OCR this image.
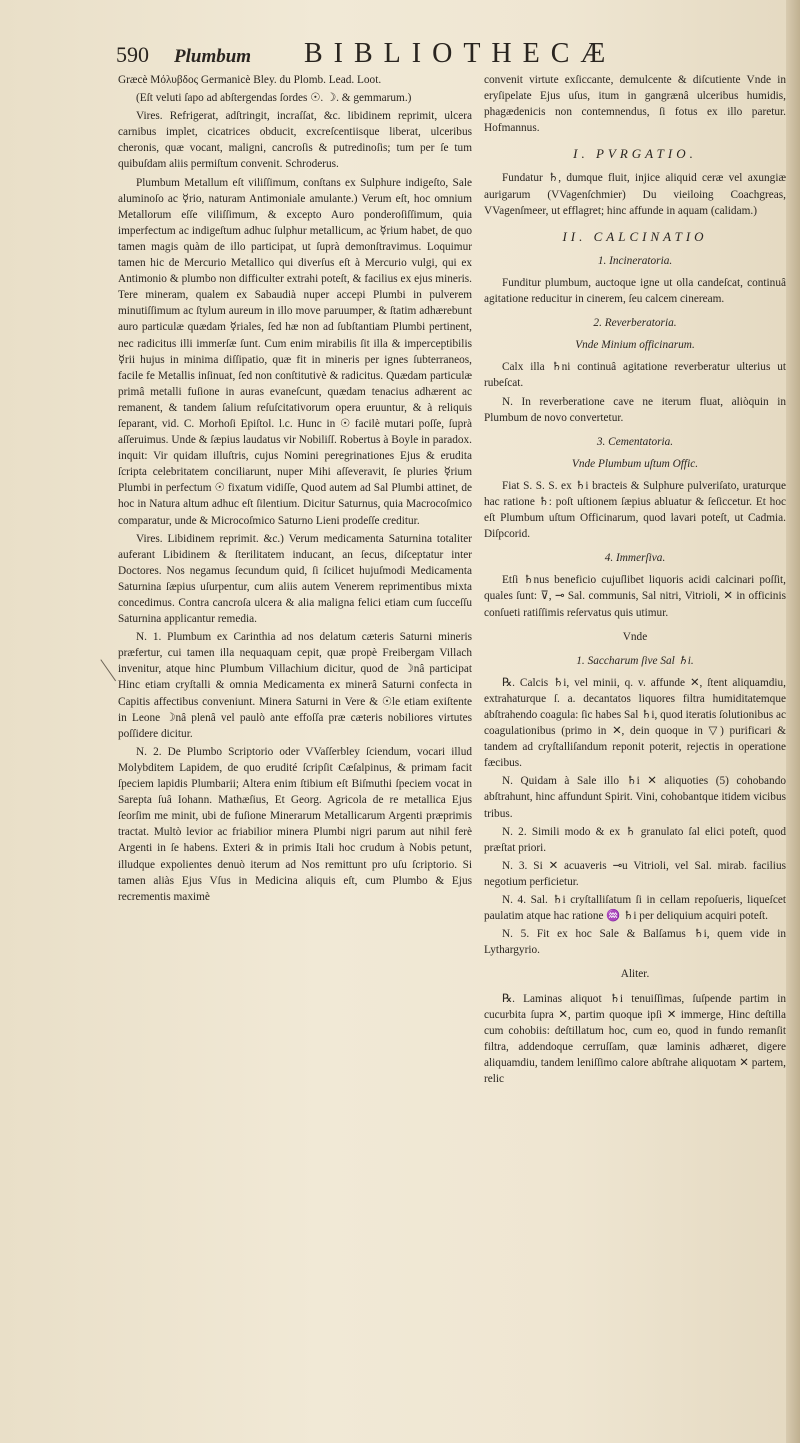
590	Plumbum	BIBLIOTHECÆ

Græcè Μόλυβδος Germanicè Bley. du Plomb. Lead. Loot.

(Eſt veluti ſapo ad abſtergendas ſordes ☉. ☽. & gemmarum.)

Vires. Refrigerat, adſtringit, incraſſat, &c. libidinem reprimit, ulcera carnibus implet, cicatrices obducit, excreſcentiisque liberat, ulceribus cheronis, quæ vocant, maligni, cancroſis & putredinoſis; tum per ſe tum quibuſdam aliis permiſtum convenit. Schroderus.

Plumbum Metallum eſt viliſſimum, conſtans ex Sulphure indigeſto, Sale aluminoſo ac ☿rio, naturam Antimoniale amulante.) Verum eſt, hoc omnium Metallorum eſſe viliſſimum, & excepto Auro ponderoſiſſimum, quia imperfectum ac indigeſtum adhuc ſulphur metallicum, ac ☿rium habet, de quo tamen magis quàm de illo participat, ut ſuprà demonſtravimus. Loquimur tamen hic de Mercurio Metallico qui diverſus eſt à Mercurio vulgi, qui ex Antimonio & plumbo non difficulter extrahi poteſt, & facilius ex ejus mineris. Tere mineram, qualem ex Sabaudià nuper accepi Plumbi in pulverem minutiſſimum ac ſtylum aureum in illo move paruumper, & ſtatim adhærebunt auro particulæ quædam ☿riales, ſed hæ non ad ſubſtantiam Plumbi pertinent, nec radicitus illi immerſæ ſunt. Cum enim mirabilis ſit illa & imperceptibilis ☿rii hujus in minima diſſipatio, quæ fit in mineris per ignes ſubterraneos, facile fe Metallis inſinuat, ſed non conſtitutivè & radicitus. Quædam particulæ primâ metalli fuſione in auras evaneſcunt, quædam tenacius adhærent ac remanent, & tandem ſalium reſuſcitativorum opera eruuntur, & à reliquis ſeparant, vid. C. Morhoſi Epiſtol. l.c. Hunc in ☉ facilè mutari poſſe, ſuprà aſſeruimus. Unde & ſæpius laudatus vir Nobiliſſ. Robertus à Boyle in paradox. inquit: Vir quidam illuſtris, cujus Nomini peregrinationes Ejus & erudita ſcripta celebritatem conciliarunt, nuper Mihi aſſeveravit, ſe pluries ☿rium Plumbi in perfectum ☉ fixatum vidiſſe, Quod autem ad Sal Plumbi attinet, de hoc in Natura altum adhuc eſt ſilentium. Dicitur Saturnus, quia Macrocoſmico comparatur, unde & Microcoſmico Saturno Lieni prodeſſe creditur.

Vires. Libidinem reprimit. &c.) Verum medicamenta Saturnina totaliter auferant Libidinem & ſterilitatem inducant, an ſecus, diſceptatur inter Doctores. Nos negamus ſecundum quid, ſi ſcilicet hujuſmodi Medicamenta Saturnina ſæpius uſurpentur, cum aliis autem Venerem reprimentibus mixta concedimus. Contra cancroſa ulcera & alia maligna felici etiam cum ſucceſſu Saturnina applicantur remedia.

N. 1. Plumbum ex Carinthia ad nos delatum cæteris Saturni mineris præfertur, cui tamen illa nequaquam cepit, quæ propè Freibergam Villach invenitur, atque hinc Plumbum Villachium dicitur, quod de ☽nâ participat Hinc etiam cryſtalli & omnia Medicamenta ex minerâ Saturni confecta in Capitis affectibus conveniunt. Minera Saturni in Vere & ☉le etiam exiſtente in Leone ☽nâ plenâ vel paulò ante effoſſa præ cæteris nobiliores virtutes poſſidere dicitur.

N. 2. De Plumbo Scriptorio oder VVaſſerbley ſciendum, vocari illud Molybditem Lapidem, de quo erudité ſcripſit Cæſalpinus, & primam facit ſpeciem lapidis Plumbarii; Altera enim ſtibium eſt Biſmuthi ſpeciem vocat in Sarepta ſuâ Iohann. Mathæſius, Et Georg. Agricola de re metallica Ejus ſeorſim me minit, ubi de fuſione Minerarum Metallicarum Argenti præprimis tractat. Multò levior ac friabilior minera Plumbi nigri parum aut nihil ferè Argenti in ſe habens. Exteri & in primis Itali hoc crudum à Nobis petunt, illudque expolientes denuò iterum ad Nos remittunt pro uſu ſcriptorio. Si tamen aliàs Ejus Vſus in Medicina aliquis eſt, cum Plumbo & Ejus recrementis maximè

convenit virtute exſiccante, demulcente & diſcutiente Vnde in eryſipelate Ejus uſus, itum in gangrænâ ulceribus humidis, phagædenicis non contemnendus, ſi fotus ex illo paretur. Hofmannus.

I. PVRGATIO.

Fundatur ♄, dumque fluit, injice aliquid ceræ vel axungiæ aurigarum (VVagenſchmier) Du vieiloing Coachgreas, VVagenſmeer, ut efflagret; hinc affunde in aquam (calidam.)

II. CALCINATIO

1. Incineratoria.

Funditur plumbum, auctoque igne ut olla candeſcat, continuâ agitatione reducitur in cinerem, ſeu calcem cineream.

2. Reverberatoria.

Vnde Minium officinarum.

Calx illa ♄ni continuâ agitatione reverberatur ulterius ut rubeſcat.

N. In reverberatione cave ne iterum fluat, aliòquin in Plumbum de novo convertetur.

3. Cementatoria.

Vnde Plumbum uſtum Offic.

Fiat S. S. S. ex ♄i bracteis & Sulphure pulveriſato, uraturque hac ratione ♄: poſt uſtionem ſæpius abluatur & ſeſiccetur. Et hoc eſt Plumbum uſtum Officinarum, quod lavari poteſt, ut Cadmia. Diſpcorid.

4. Immerſiva.

Etſi ♄nus beneficio cujuſlibet liquoris acidi calcinari poſſit, quales ſunt: ⊽, ⊸ Sal. communis, Sal nitri, Vitrioli, ✕ in officinis conſueti ratiſſimis reſervatus quis utimur.

Vnde

1. Saccharum ſive Sal ♄i.

℞. Calcis ♄i, vel minii, q. v. affunde ✕, ſtent aliquamdiu, extrahaturque ſ. a. decantatos liquores filtra humiditatemque abſtrahendo coagula: ſic habes Sal ♄i, quod iteratis ſolutionibus ac coagulationibus (primo in ✕, dein quoque in ▽) purificari & tandem ad cryſtalliſandum reponit poterit, rejectis in operatione fæcibus.

N. Quidam à Sale illo ♄i ✕ aliquoties (5) cohobando abſtrahunt, hinc affundunt Spirit. Vini, cohobantque itidem vicibus tribus.

N. 2. Simili modo & ex ♄ granulato ſal elici poteſt, quod præſtat priori.

N. 3. Si ✕ acuaveris ⊸u Vitrioli, vel Sal. mirab. facilius negotium perficietur.

N. 4. Sal. ♄i cryſtalliſatum ſi in cellam repoſueris, liqueſcet paulatim atque hac ratione ♒ ♄i per deliquium acquiri poteſt.

N. 5. Fit ex hoc Sale & Balſamus ♄i, quem vide in Lythargyrio.

Aliter.

℞. Laminas aliquot ♄i tenuiſſimas, ſuſpende partim in cucurbita ſupra ✕, partim quoque ipſi ✕ immerge, Hinc deſtilla cum cohobiis: deſtillatum hoc, cum eo, quod in fundo remanſit filtra, addendoque cerruſſam, quæ laminis adhæret, digere aliquamdiu, tandem leniſſimo calore abſtrahe aliquotam ✕ partem, relic
